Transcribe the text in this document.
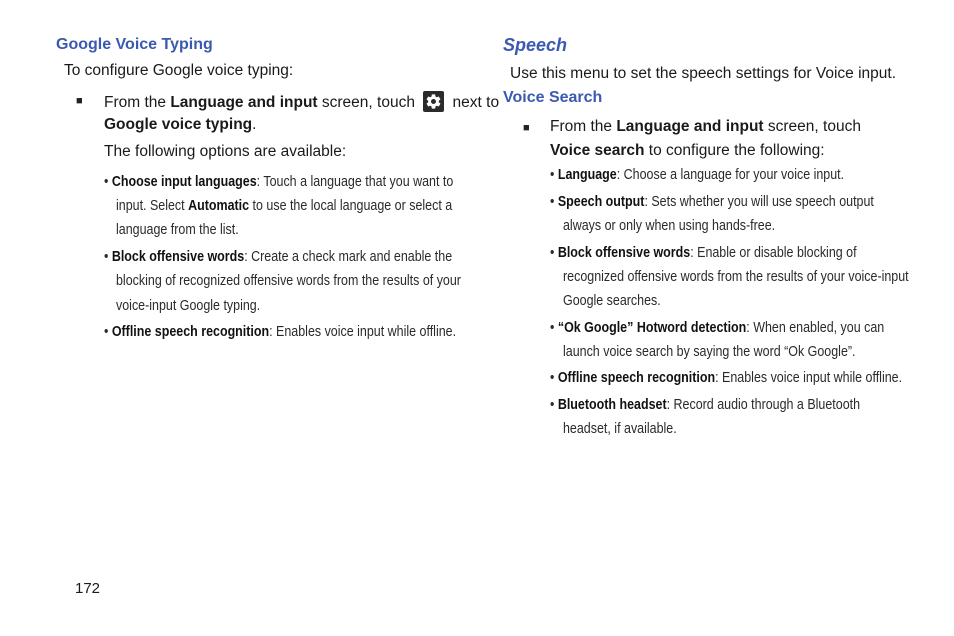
Google Voice Typing
To configure Google voice typing:
■ From the Language and input screen, touch
next to
Google voice typing.
The following options are available:
• Choose input languages: Touch a language that you want to
input. Select Automatic to use the local language or select a
language from the list.
• Block offensive words: Create a check mark and enable the
blocking of recognized offensive words from the results of your
voice-input Google typing.
• Offline speech recognition: Enables voice input while offline.
172
Speech
Use this menu to set the speech settings for Voice input.
Voice Search
■ From the Language and input screen, touch
Voice search to configure the following:
• Language: Choose a language for your voice input.
• Speech output: Sets whether you will use speech output
always or only when using hands-free.
• Block offensive words: Enable or disable blocking of
recognized offensive words from the results of your voice-input
Google searches.
• “Ok Google” Hotword detection: When enabled, you can
launch voice search by saying the word “Ok Google”.
• Offline speech recognition: Enables voice input while offline.
• Bluetooth headset: Record audio through a Bluetooth
headset, if available.
